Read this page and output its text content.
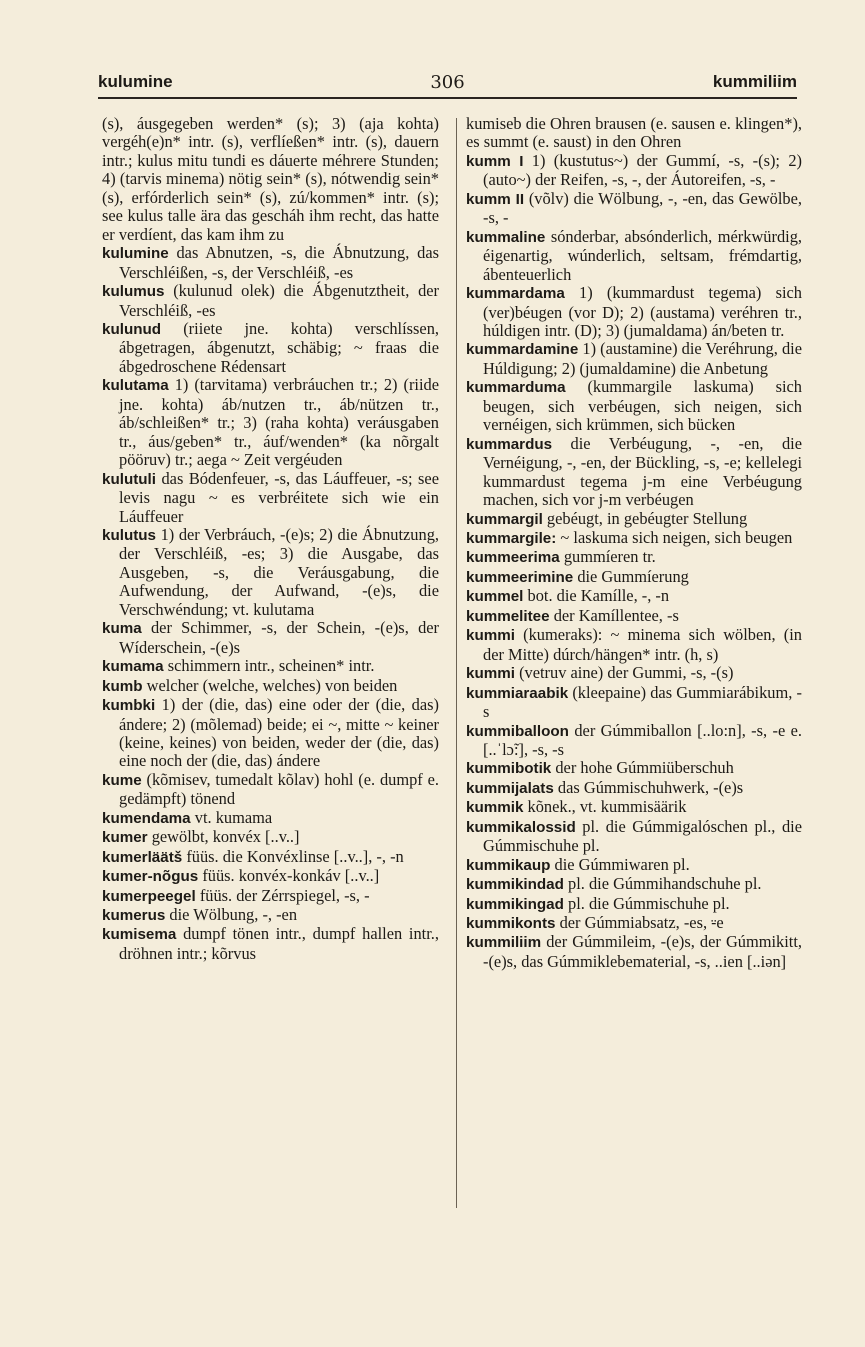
kulumine	306	kummiliim

(s), áusgegeben werden* (s); 3) (aja kohta) vergéh(e)n* intr. (s), verflíeßen* intr. (s), dauern intr.; kulus mitu tundi es dáuerte méhrere Stunden; 4) (tarvis minema) nötig sein* (s), nótwendig sein* (s), erfórderlich sein* (s), zú/kommen* intr. (s); see kulus talle ära das gescháh ihm recht, das hatte er verdíent, das kam ihm zu

kulumine das Abnutzen, -s, die Ábnutzung, das Verschléißen, -s, der Verschléiß, -es

kulumus (kulunud olek) die Ábgenutztheit, der Verschléiß, -es

kulunud (riiete jne. kohta) verschlíssen, ábgetragen, ábgenutzt, schäbig; ~ fraas die ábgedroschene Rédensart

kulutama 1) (tarvitama) verbráuchen tr.; 2) (riide jne. kohta) áb/nutzen tr., áb/nützen tr., áb/schleißen* tr.; 3) (raha kohta) veráusgaben tr., áus/geben* tr., áuf/wenden* (ka nõrgalt pööruv) tr.; aega ~ Zeit vergéuden

kulutuli das Bódenfeuer, -s, das Láuffeuer, -s; see levis nagu ~ es verbréitete sich wie ein Láuffeuer

kulutus 1) der Verbráuch, -(e)s; 2) die Ábnutzung, der Verschléiß, -es; 3) die Ausgabe, das Ausgeben, -s, die Veráusgabung, die Aufwendung, der Aufwand, -(e)s, die Verschwéndung; vt. kulutama

kuma der Schimmer, -s, der Schein, -(e)s, der Wíderschein, -(e)s

kumama schimmern intr., scheinen* intr.

kumb welcher (welche, welches) von beiden

kumbki 1) der (die, das) eine oder der (die, das) ándere; 2) (mõlemad) beide; ei ~, mitte ~ keiner (keine, keines) von beiden, weder der (die, das) eine noch der (die, das) ándere

kume (kõmisev, tumedalt kõlav) hohl (e. dumpf e. gedämpft) tönend

kumendama vt. kumama

kumer gewölbt, konvéx [..v..]

kumerläätš füüs. die Konvéxlinse [..v..], -, -n

kumer-nõgus füüs. konvéx-konkáv [..v..]

kumerpeegel füüs. der Zérrspiegel, -s, -

kumerus die Wölbung, -, -en

kumisema dumpf tönen intr., dumpf hallen intr., dröhnen intr.; kõrvus

kumiseb die Ohren brausen (e. sausen e. klingen*), es summt (e. saust) in den Ohren

kumm I 1) (kustutus~) der Gummí, -s, -(s); 2) (auto~) der Reifen, -s, -, der Áutoreifen, -s, -

kumm II (võlv) die Wölbung, -, -en, das Gewölbe, -s, -

kummaline sónderbar, absónderlich, mérkwürdig, éigenartig, wúnderlich, seltsam, frémdartig, ábenteuerlich

kummardama 1) (kummardust tegema) sich (ver)béugen (vor D); 2) (austama) veréhren tr., húldigen intr. (D); 3) (jumaldama) án/beten tr.

kummardamine 1) (austamine) die Veréhrung, die Húldigung; 2) (jumaldamine) die Anbetung

kummarduma (kummargile laskuma) sich beugen, sich verbéugen, sich neigen, sich vernéigen, sich krümmen, sich bücken

kummardus die Verbéugung, -, -en, die Vernéigung, -, -en, der Bückling, -s, -e; kellelegi kummardust tegema j-m eine Verbéugung machen, sich vor j-m verbéugen

kummargil gebéugt, in gebéugter Stellung

kummargile: ~ laskuma sich neigen, sich beugen

kummeerima gummíeren tr.

kummeerimine die Gummíerung

kummel bot. die Kamílle, -, -n

kummelitee der Kamíllentee, -s

kummi (kumeraks): ~ minema sich wölben, (in der Mitte) dúrch/hängen* intr. (h, s)

kummi (vetruv aine) der Gummi, -s, -(s)

kummiaraabik (kleepaine) das Gummiarábikum, -s

kummiballoon der Gúmmiballon [..lo:n], -s, -e e. [..ˈlɔ̃:], -s, -s

kummibotik der hohe Gúmmiüberschuh

kummijalats das Gúmmischuhwerk, -(e)s

kummik kõnek., vt. kummisäärik

kummikalossid pl. die Gúmmigalóschen pl., die Gúmmischuhe pl.

kummikaup die Gúmmiwaren pl.

kummikindad pl. die Gúmmihandschuhe pl.

kummikingad pl. die Gúmmischuhe pl.

kummikonts der Gúmmiabsatz, -es, ⸚e

kummiliim der Gúmmileim, -(e)s, der Gúmmikitt, -(e)s, das Gúmmiklebematerial, -s, ..ien [..iən]
